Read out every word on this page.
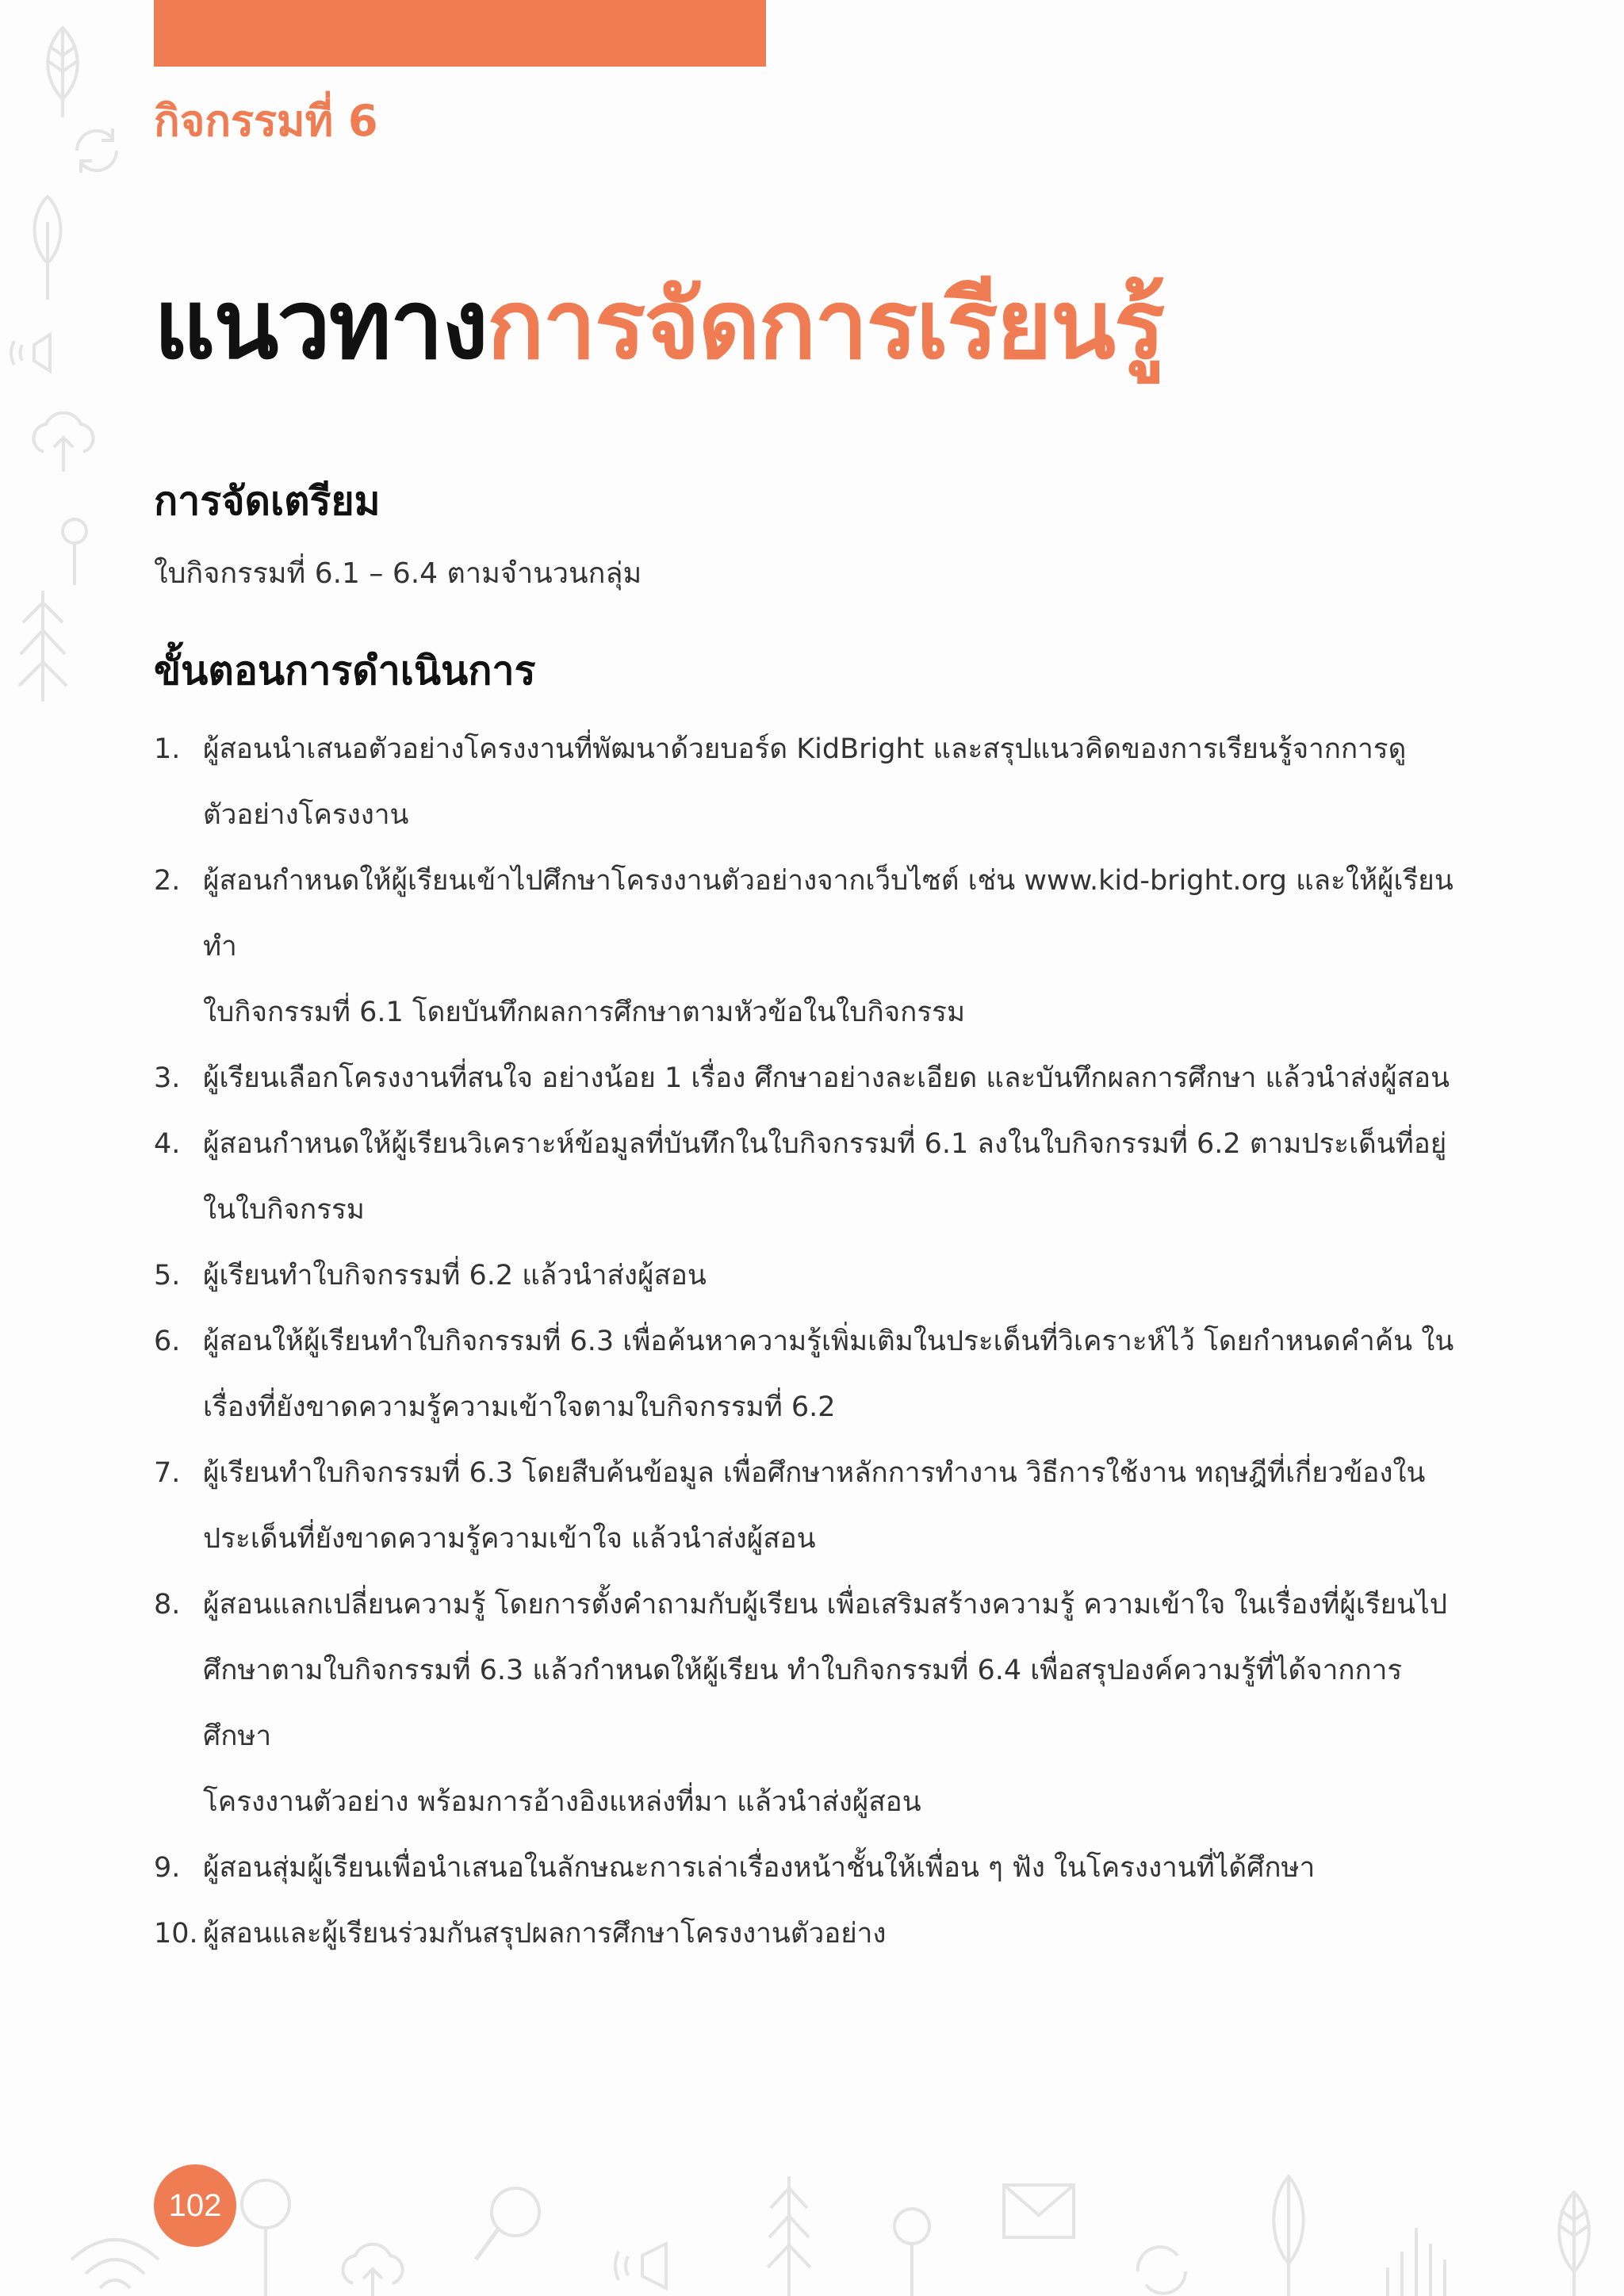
กิจกรรมที่ 6
แนวทางการจัดการเรียนรู้
การจัดเตรียม

ใบกิจกรรมที่ 6.1 – 6.4 ตามจำนวนกลุ่ม

ขั้นตอนการดำเนินการ
1. ผู้สอนนำเสนอตัวอย่างโครงงานที่พัฒนาด้วยบอร์ด KidBright และสรุปแนวคิดของการเรียนรู้จากการดู
ตัวอย่างโครงงาน
2. ผู้สอนกำหนดให้ผู้เรียนเข้าไปศึกษาโครงงานตัวอย่างจากเว็บไซต์ เช่น www.kid-bright.org และให้ผู้เรียนทำ
ใบกิจกรรมที่ 6.1 โดยบันทึกผลการศึกษาตามหัวข้อในใบกิจกรรม
3. ผู้เรียนเลือกโครงงานที่สนใจ อย่างน้อย 1 เรื่อง ศึกษาอย่างละเอียด และบันทึกผลการศึกษา แล้วนำส่งผู้สอน
4. ผู้สอนกำหนดให้ผู้เรียนวิเคราะห์ข้อมูลที่บันทึกในใบกิจกรรมที่ 6.1 ลงในใบกิจกรรมที่ 6.2 ตามประเด็นที่อยู่
ในใบกิจกรรม
5. ผู้เรียนทำใบกิจกรรมที่ 6.2 แล้วนำส่งผู้สอน
6. ผู้สอนให้ผู้เรียนทำใบกิจกรรมที่ 6.3 เพื่อค้นหาความรู้เพิ่มเติมในประเด็นที่วิเคราะห์ไว้ โดยกำหนดคำค้น ใน
เรื่องที่ยังขาดความรู้ความเข้าใจตามใบกิจกรรมที่ 6.2
7. ผู้เรียนทำใบกิจกรรมที่ 6.3 โดยสืบค้นข้อมูล เพื่อศึกษาหลักการทำงาน วิธีการใช้งาน ทฤษฎีที่เกี่ยวข้องใน
ประเด็นที่ยังขาดความรู้ความเข้าใจ แล้วนำส่งผู้สอน
8. ผู้สอนแลกเปลี่ยนความรู้ โดยการตั้งคำถามกับผู้เรียน เพื่อเสริมสร้างความรู้ ความเข้าใจ ในเรื่องที่ผู้เรียนไป
ศึกษาตามใบกิจกรรมที่ 6.3 แล้วกำหนดให้ผู้เรียน ทำใบกิจกรรมที่ 6.4 เพื่อสรุปองค์ความรู้ที่ได้จากการศึกษา
โครงงานตัวอย่าง พร้อมการอ้างอิงแหล่งที่มา แล้วนำส่งผู้สอน
9. ผู้สอนสุ่มผู้เรียนเพื่อนำเสนอในลักษณะการเล่าเรื่องหน้าชั้นให้เพื่อน ๆ ฟัง ในโครงงานที่ได้ศึกษา
10. ผู้สอนและผู้เรียนร่วมกันสรุปผลการศึกษาโครงงานตัวอย่าง
102
